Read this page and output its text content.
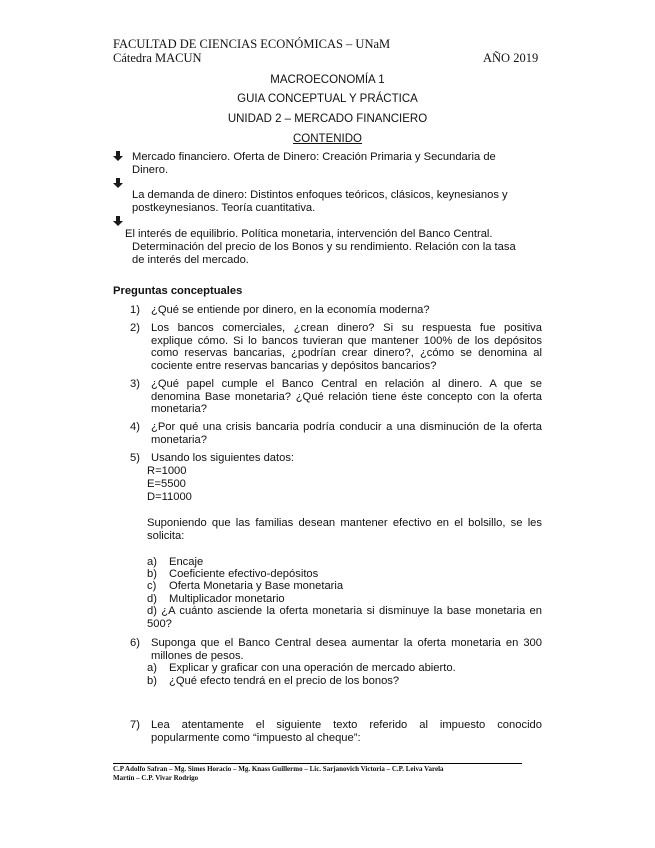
FACULTAD DE CIENCIAS ECONÓMICAS – UNaM
Cátedra MACUN	AÑO 2019
MACROECONOMÍA 1
GUIA CONCEPTUAL Y PRÁCTICA
UNIDAD 2 – MERCADO FINANCIERO
CONTENIDO
Mercado financiero. Oferta de Dinero: Creación Primaria y Secundaria de
Dinero.
La demanda de dinero: Distintos enfoques teóricos, clásicos, keynesianos y
postkeynesianos. Teoría cuantitativa.
El interés de equilibrio. Política monetaria, intervención del Banco Central.
Determinación del precio de los Bonos y su rendimiento. Relación con la tasa
de interés del mercado.
Preguntas conceptuales
1) ¿Qué se entiende por dinero, en la economía moderna?
2) Los bancos comerciales, ¿crean dinero? Si su respuesta fue positiva
explique cómo. Si lo bancos tuvieran que mantener 100% de los depósitos
como reservas bancarias, ¿podrían crear dinero?, ¿cómo se denomina al
cociente entre reservas bancarias y depósitos bancarios?
3) ¿Qué papel cumple el Banco Central en relación al dinero. A que se
denomina Base monetaria? ¿Qué relación tiene éste concepto con la oferta
monetaria?
4) ¿Por qué una crisis bancaria podría conducir a una disminución de la oferta
monetaria?
5) Usando los siguientes datos:
R=1000
E=5500
D=11000
Suponiendo que las familias desean mantener efectivo en el bolsillo, se les
solicita:
a) Encaje
b) Coeficiente efectivo-depósitos
c) Oferta Monetaria y Base monetaria
d) Multiplicador monetario
d) ¿A cuánto asciende la oferta monetaria si disminuye la base monetaria en
500?
6) Suponga que el Banco Central desea aumentar la oferta monetaria en 300
millones de pesos.
a) Explicar y graficar con una operación de mercado abierto.
b) ¿Qué efecto tendrá en el precio de los bonos?
7) Lea atentamente el siguiente texto referido al impuesto conocido
popularmente como “impuesto al cheque”:
C.P Adolfo Safran – Mg. Simes Horacio – Mg. Knass Guillermo – Lic. Sarjanovich Victoria – C.P. Leiva Varela
Martín – C.P. Vivar Rodrigo
